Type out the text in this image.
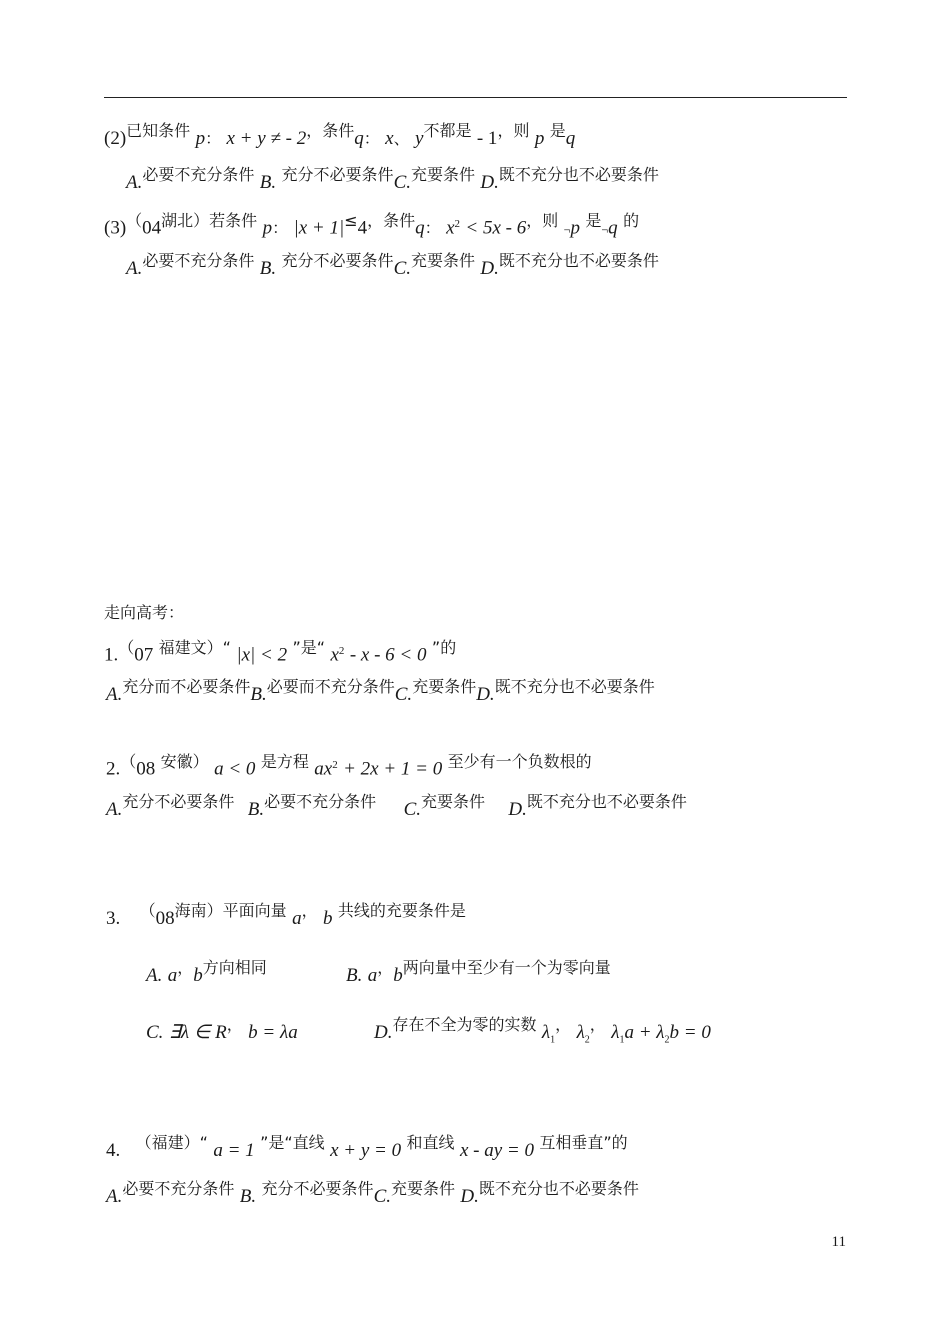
(2)已知条件 p： x + y ≠ - 2，条件q： x、 y不都是 - 1，则 p 是q
A.必要不充分条件 B. 充分不必要条件C.充要条件 D.既不充分也不必要条件
(3)（04湖北）若条件 p： |x + 1|≤4，条件q： $x^2 < 5x - 6$，则 ¬p 是¬q 的
A.必要不充分条件 B. 充分不必要条件C.充要条件 D.既不充分也不必要条件
走向高考：
1.（07 福建文）“ |x| < 2 ”是“ $x^2 - x - 6 < 0$ ”的
A.充分而不必要条件B.必要而不充分条件C.充要条件D.既不充分也不必要条件
2.（08 安徽） a < 0 是方程 $ax^2 + 2x + 1 = 0$ 至少有一个负数根的
A.充分不必要条件 B.必要不充分条件 C.充要条件 D.既不充分也不必要条件
3. （08海南）平面向量 a， b 共线的充要条件是
A. a，b方向相同	B. a，b两向量中至少有一个为零向量
C. ∃λ ∈ R， b = λa	D.存在不全为零的实数 $\lambda_1$， $\lambda_2$， $\lambda_1a + \lambda_2b = 0$
4. （福建）“ a = 1 ”是“直线 x + y = 0 和直线 x - ay = 0 互相垂直”的
A.必要不充分条件 B. 充分不必要条件C.充要条件 D.既不充分也不必要条件
11
